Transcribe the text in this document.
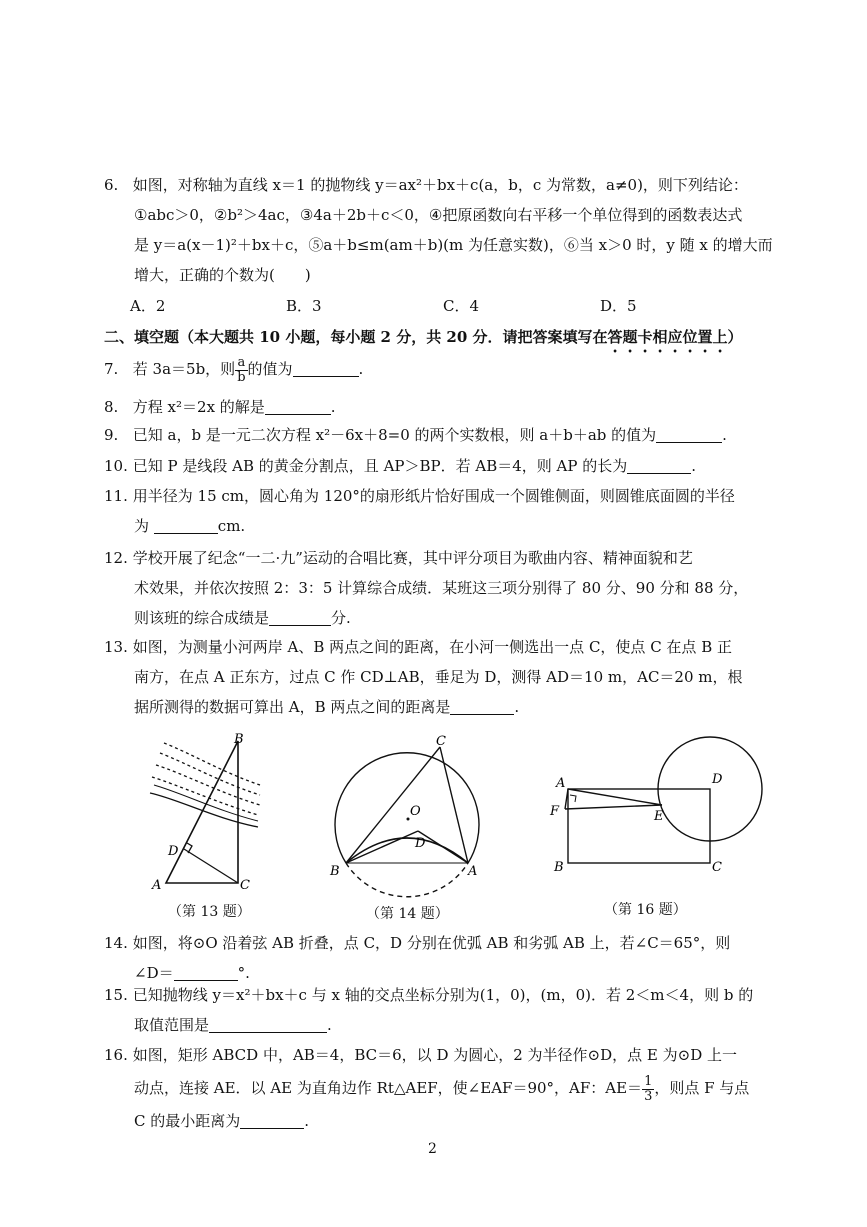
6. 如图，对称轴为直线 x＝1 的抛物线 y＝ax²＋bx＋c(a，b，c 为常数，a≠0)，则下列结论：
①abc＞0，②b²＞4ac，③4a＋2b＋c＜0，④把原函数向右平移一个单位得到的函数表达式
是 y＝a(x－1)²＋bx＋c，⑤a＋b≤m(am＋b)(m 为任意实数)，⑥当 x＞0 时，y 随 x 的增大而
增大，正确的个数为(　　)
A．2	B．3	C．4	D．5
二、填空题（本大题共 10 小题，每小题 2 分，共 20 分．请把答案填写在答题卡相应位置上）
7. 若 3a＝5b，则 $\frac{a}{b}$ 的值为	.
8. 方程 x²＝2x 的解是	.
9. 已知 a，b 是一元二次方程 x²－6x＋8=0 的两个实数根，则 a＋b＋ab 的值为	.
10. 已知 P 是线段 AB 的黄金分割点，且 AP＞BP．若 AB＝4，则 AP 的长为	.
11. 用半径为 15 cm，圆心角为 120°的扇形纸片恰好围成一个圆锥侧面，则圆锥底面圆的半径
为	cm.
12. 学校开展了纪念“一二·九”运动的合唱比赛，其中评分项目为歌曲内容、精神面貌和艺
术效果，并依次按照 2：3：5 计算综合成绩．某班这三项分别得了 80 分、90 分和 88 分，
则该班的综合成绩是	分.
13. 如图，为测量小河两岸 A、B 两点之间的距离，在小河一侧选出一点 C，使点 C 在点 B 正
南方，在点 A 正东方，过点 C 作 CD⊥AB，垂足为 D，测得 AD＝10 m，AC＝20 m，根
据所测得的数据可算出 A，B 两点之间的距离是	.
B
D
A	C
（第 13 题）
C
O
D
B	A
（第 14 题）
A
F	E
D
B	C
（第 16 题）
14. 如图，将⊙O 沿着弦 AB 折叠，点 C，D 分别在优弧 AB 和劣弧 AB 上，若∠C＝65°，则
∠D＝	°.
15. 已知抛物线 y＝x²＋bx＋c 与 x 轴的交点坐标分别为(1，0)，(m，0)．若 2＜m＜4，则 b 的
取值范围是	.
16. 如图，矩形 ABCD 中，AB＝4，BC＝6，以 D 为圆心，2 为半径作⊙D，点 E 为⊙D 上一
动点，连接 AE．以 AE 为直角边作 Rt△AEF，使∠EAF＝90°，AF：$AE= \frac{1}{3}$ ，则点 F 与点
C 的最小距离为	.
2
